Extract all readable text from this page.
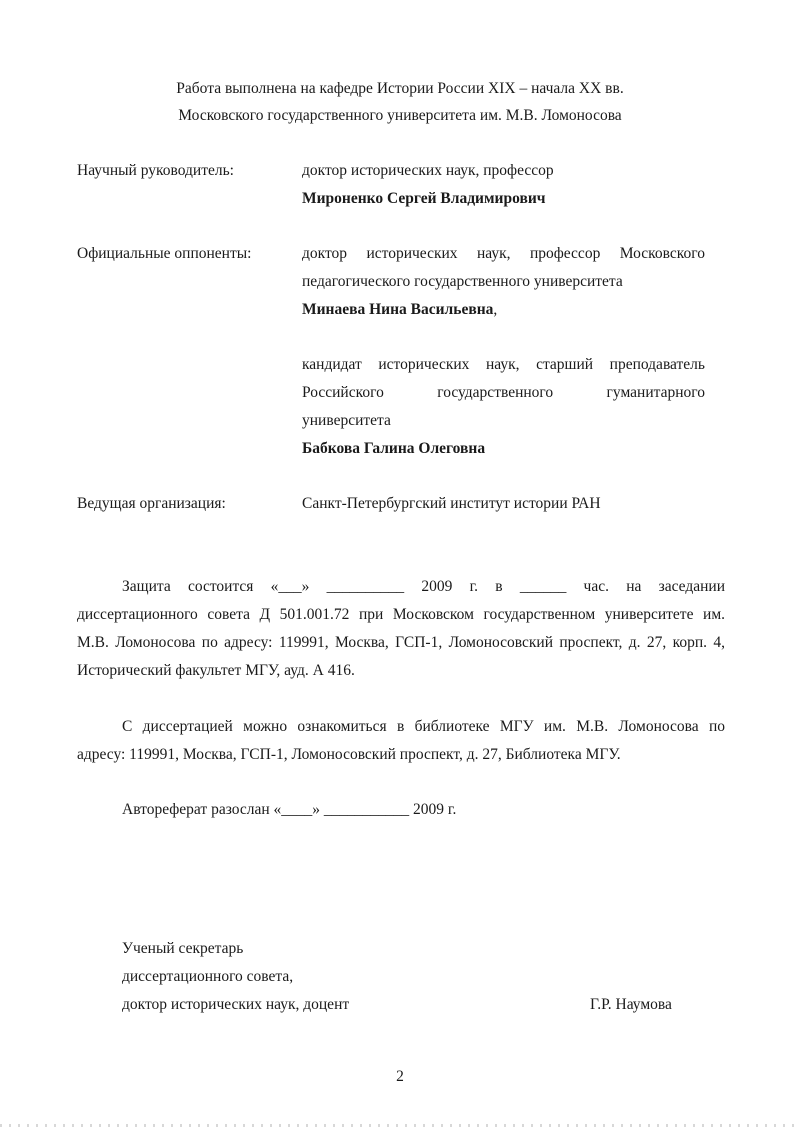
Работа выполнена на кафедре Истории России XIX – начала XX вв.
Московского государственного университета им. М.В. Ломоносова
Научный руководитель:	доктор исторических наук, профессор
Мироненко Сергей Владимирович
Официальные оппоненты:	доктор исторических наук, профессор Московского
педагогического государственного университета
Минаева Нина Васильевна,
кандидат исторических наук, старший преподаватель
Российского государственного гуманитарного
университета
Бабкова Галина Олеговна
Ведущая организация:	Санкт-Петербургский институт истории РАН
Защита состоится «___» __________ 2009 г. в ______ час. на заседании
диссертационного совета Д 501.001.72 при Московском государственном университете им.
М.В. Ломоносова по адресу: 119991, Москва, ГСП-1, Ломоносовский проспект, д. 27, корп. 4,
Исторический факультет МГУ, ауд. А 416.
С диссертацией можно ознакомиться в библиотеке МГУ им. М.В. Ломоносова по
адресу: 119991, Москва, ГСП-1, Ломоносовский проспект, д. 27, Библиотека МГУ.
Автореферат разослан «____» ___________ 2009 г.
Ученый секретарь
диссертационного совета,
доктор исторических наук, доцент	Г.Р. Наумова
2
